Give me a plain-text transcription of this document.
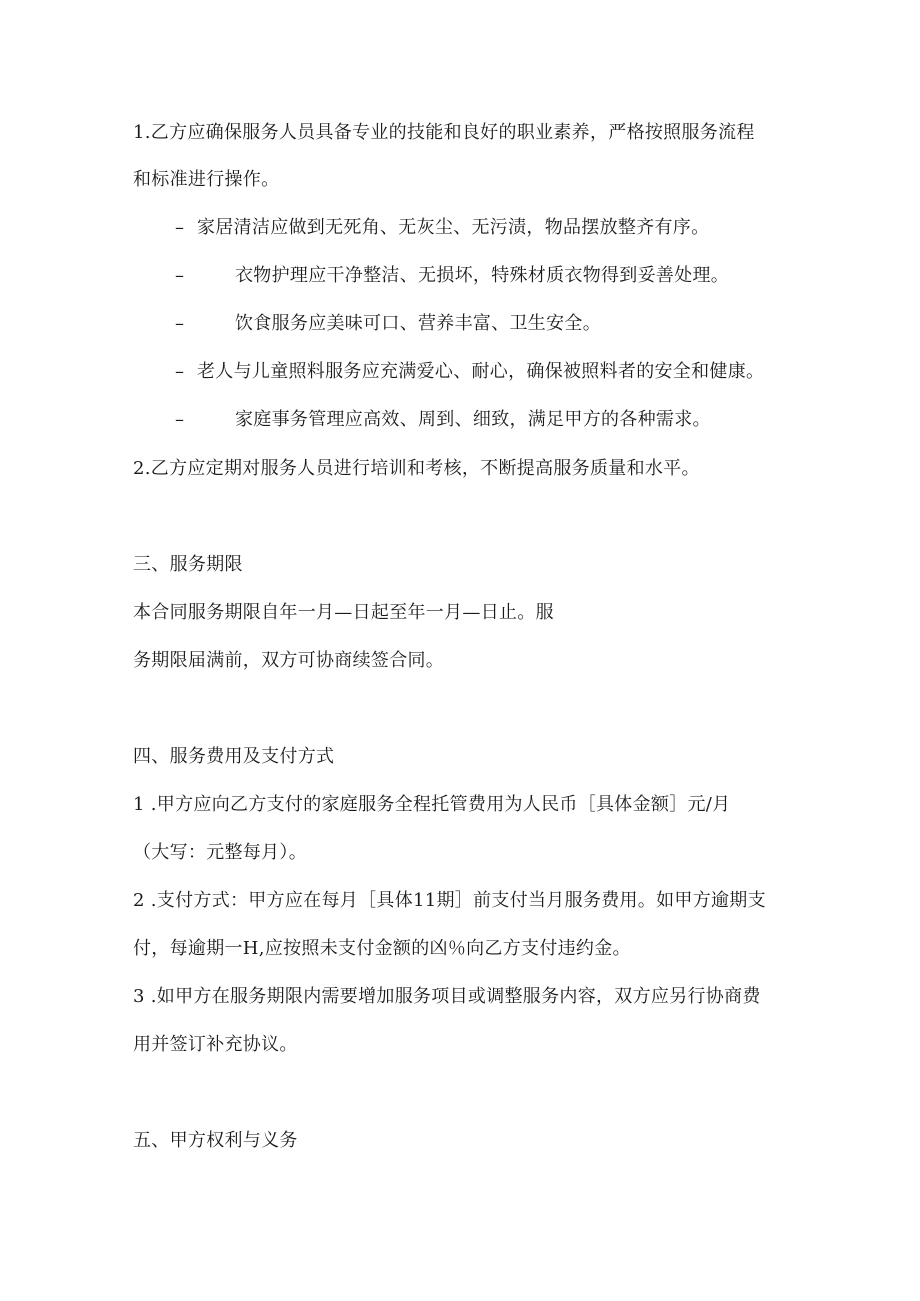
1.乙方应确保服务人员具备专业的技能和良好的职业素养，严格按照服务流程
和标准进行操作。
– 家居清洁应做到无死角、无灰尘、无污渍，物品摆放整齐有序。
–	衣物护理应干净整洁、无损坏，特殊材质衣物得到妥善处理。
–	饮食服务应美味可口、营养丰富、卫生安全。
– 老人与儿童照料服务应充满爱心、耐心，确保被照料者的安全和健康。
–	家庭事务管理应高效、周到、细致，满足甲方的各种需求。
2.乙方应定期对服务人员进行培训和考核，不断提高服务质量和水平。
三、服务期限
本合同服务期限自年一月—日起至年一月—日止。服
务期限届满前，双方可协商续签合同。
四、服务费用及支付方式
1 .甲方应向乙方支付的家庭服务全程托管费用为人民币［具体金额］元/月
（大写：元整每月）。
2 .支付方式：甲方应在每月［具体11期］前支付当月服务费用。如甲方逾期支
付，每逾期一H,应按照未支付金额的凶％向乙方支付违约金。
3 .如甲方在服务期限内需要增加服务项目或调整服务内容，双方应另行协商费
用并签订补充协议。
五、甲方权利与义务
